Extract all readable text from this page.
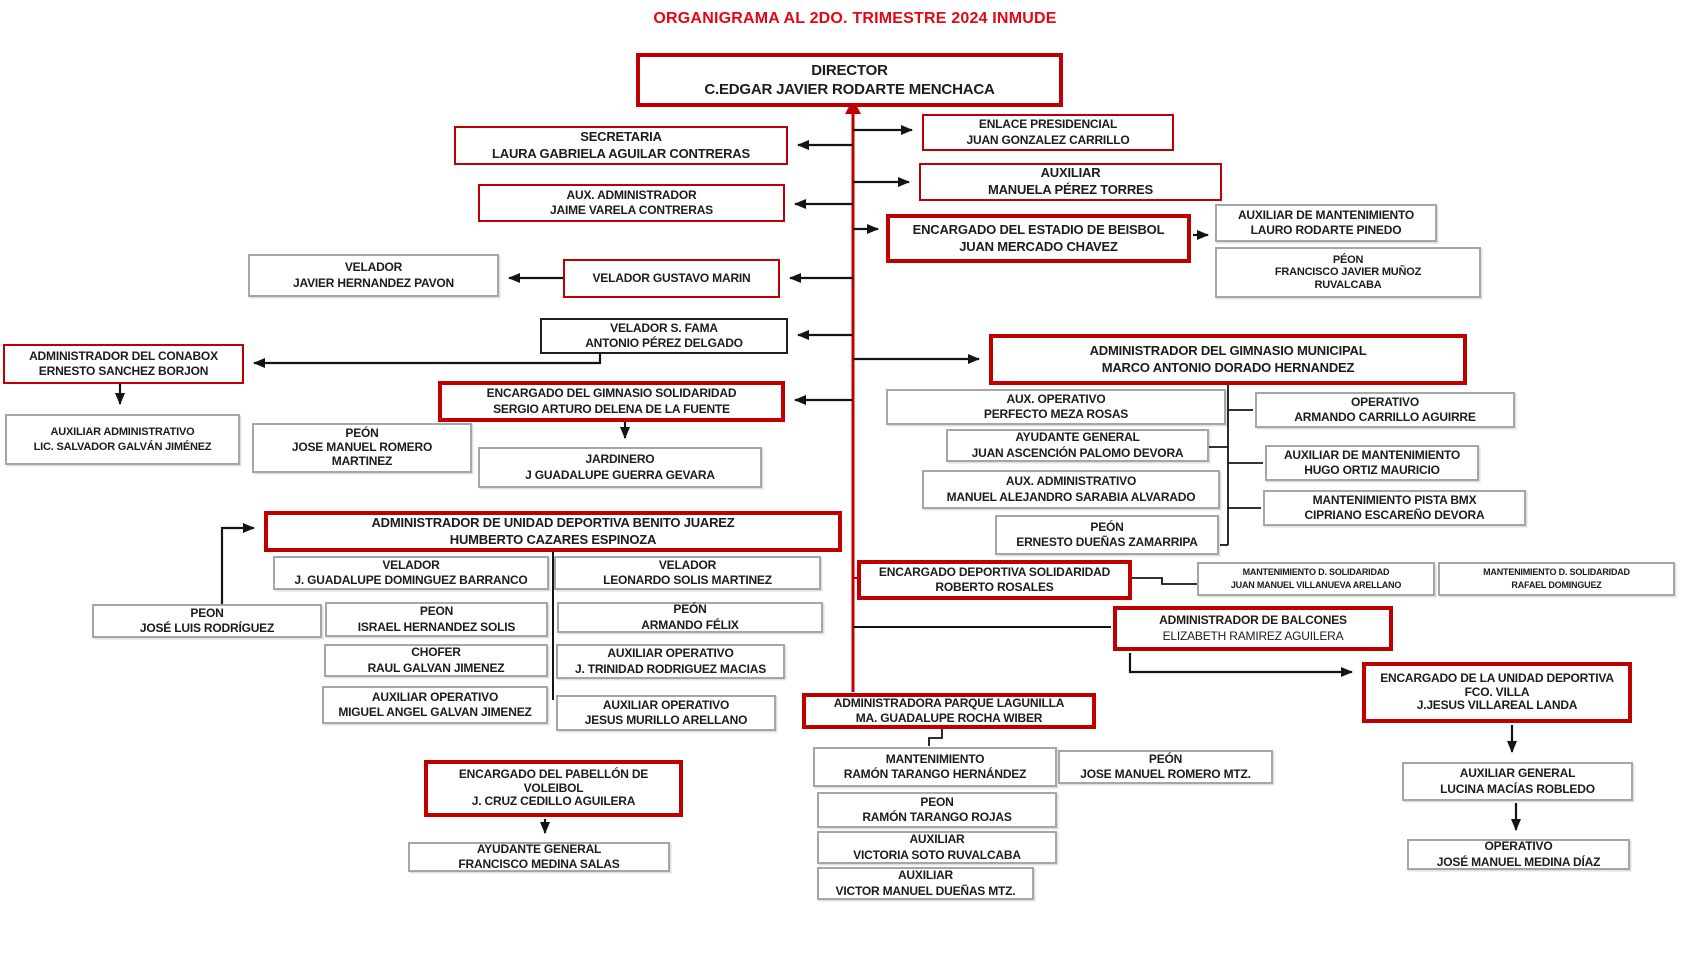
ORGANIGRAMA AL 2DO. TRIMESTRE 2024 INMUDE
DIRECTOR
C.EDGAR JAVIER RODARTE MENCHACA
ENLACE PRESIDENCIAL
JUAN GONZALEZ CARRILLO
SECRETARIA
LAURA GABRIELA AGUILAR CONTRERAS
AUXILIAR
MANUELA PÉREZ TORRES
AUX. ADMINISTRADOR
JAIME VARELA CONTRERAS
ENCARGADO DEL ESTADIO DE BEISBOL
JUAN MERCADO CHAVEZ
AUXILIAR DE MANTENIMIENTO
LAURO RODARTE PINEDO
PÉON
FRANCISCO JAVIER MUÑOZ
RUVALCABA
VELADOR
JAVIER HERNANDEZ PAVON	VELADOR GUSTAVO MARIN
VELADOR S. FAMA
ANTONIO PÉREZ DELGADO
ADMINISTRADOR DEL CONABOX
ERNESTO SANCHEZ BORJON
ADMINISTRADOR DEL GIMNASIO MUNICIPAL
MARCO ANTONIO DORADO HERNANDEZ
ENCARGADO DEL GIMNASIO SOLIDARIDAD
SERGIO ARTURO DELENA DE LA FUENTE
AUX. OPERATIVO
PERFECTO MEZA ROSAS
OPERATIVO
ARMANDO CARRILLO AGUIRRE
AUXILIAR ADMINISTRATIVO
LIC. SALVADOR GALVÁN JIMÉNEZ
PEÓN
JOSE MANUEL ROMERO
MARTINEZ
AYUDANTE GENERAL
JUAN ASCENCIÓN PALOMO DEVORA	AUXILIAR DE MANTENIMIENTO
HUGO ORTIZ MAURICIO
JARDINERO
J GUADALUPE GUERRA GEVARA	AUX. ADMINISTRATIVO
MANUEL ALEJANDRO SARABIA ALVARADO	MANTENIMIENTO PISTA BMX
CIPRIANO ESCAREÑO DEVORA
PEÓN
ERNESTO DUEÑAS ZAMARRIPA
ADMINISTRADOR DE UNIDAD DEPORTIVA BENITO JUAREZ
HUMBERTO CAZARES ESPINOZA
VELADOR
J. GUADALUPE DOMINGUEZ BARRANCO
VELADOR
LEONARDO SOLIS MARTINEZ
ENCARGADO DEPORTIVA SOLIDARIDAD
ROBERTO ROSALES
MANTENIMIENTO D. SOLIDARIDAD
JUAN MANUEL VILLANUEVA ARELLANO
MANTENIMIENTO D. SOLIDARIDAD
RAFAEL DOMINGUEZ
PEON
JOSÉ LUIS RODRÍGUEZ
PEON
ISRAEL HERNANDEZ SOLIS
PEÓN
ARMANDO FÉLIX	ADMINISTRADOR DE BALCONES
ELIZABETH RAMIREZ AGUILERA
CHOFER
RAUL GALVAN JIMENEZ
AUXILIAR OPERATIVO
J. TRINIDAD RODRIGUEZ MACIAS
ENCARGADO DE LA UNIDAD DEPORTIVA
FCO. VILLA
J.JESUS VILLAREAL LANDA
AUXILIAR OPERATIVO
MIGUEL ANGEL GALVAN JIMENEZ
ADMINISTRADORA PARQUE LAGUNILLA
MA. GUADALUPE ROCHA WIBER
AUXILIAR OPERATIVO
JESUS MURILLO ARELLANO
MANTENIMIENTO
RAMÓN TARANGO HERNÁNDEZ
PEÓN
JOSE MANUEL ROMERO MTZ.
ENCARGADO DEL PABELLÓN DE
VOLEIBOL
J. CRUZ CEDILLO AGUILERA	PEON
RAMÓN TARANGO ROJAS
AUXILIAR GENERAL
LUCINA MACÍAS ROBLEDO
AUXILIAR
VICTORIA SOTO RUVALCABA
AUXILIAR
VICTOR MANUEL DUEÑAS MTZ.
AYUDANTE GENERAL
FRANCISCO MEDINA SALAS
OPERATIVO
JOSÉ MANUEL MEDINA DÍAZ
